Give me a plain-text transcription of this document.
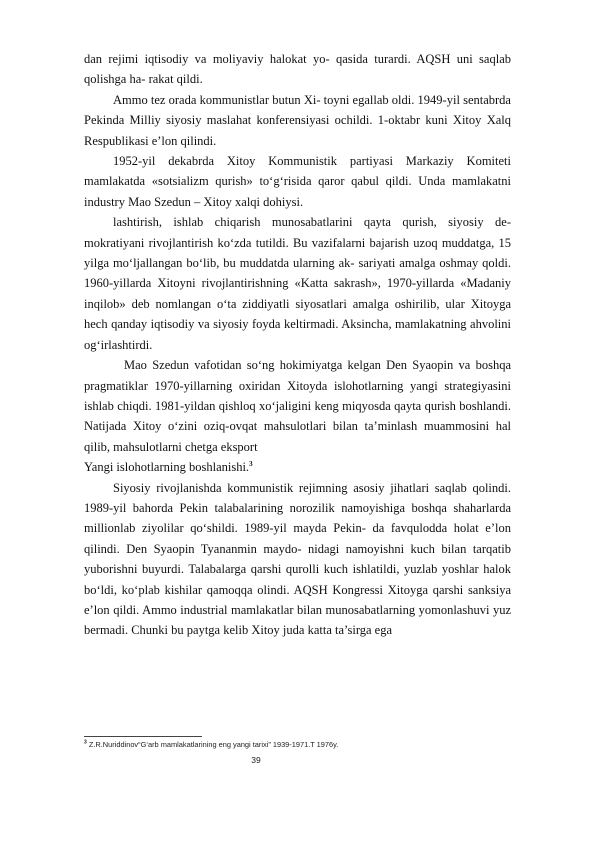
dan rejimi iqtisodiy va moliyaviy halokat yo- qasida turardi. AQSH uni saqlab qolishga ha- rakat qildi.

Ammo tez orada kommunistlar butun Xi- toyni egallab oldi. 1949-yil sentabrda Pekinda Milliy siyosiy maslahat konferensiyasi ochildi. 1-oktabr kuni Xitoy Xalq Respublikasi e’lon qilindi.

1952-yil dekabrda Xitoy Kommunistik partiyasi Markaziy Komiteti mamlakatda «sotsializm qurish» to‘g‘risida qaror qabul qildi. Unda mamlakatni industry Mao Szedun – Xitoy xalqi dohiysi.

lashtirish, ishlab chiqarish munosabatlarini qayta qurish, siyosiy de- mokratiyani rivojlantirish ko‘zda tutildi. Bu vazifalarni bajarish uzoq muddatga, 15 yilga mo‘ljallangan bo‘lib, bu muddatda ularning ak- sariyati amalga oshmay qoldi. 1960-yillarda Xitoyni rivojlantirishning «Katta sakrash», 1970-yillarda «Madaniy inqilob» deb nomlangan o‘ta ziddiyatli siyosatlari amalga oshirilib, ular Xitoyga hech qanday iqtisodiy va siyosiy foyda keltirmadi. Aksincha, mamlakatning ahvolini og‘irlashtirdi.

Mao Szedun vafotidan so‘ng hokimiyatga kelgan Den Syaopin va boshqa pragmatiklar 1970-yillarning oxiridan Xitoyda islohotlarning yangi strategiyasini ishlab chiqdi. 1981-yildan qishloq xo‘jaligini keng miqyosda qayta qurish boshlandi. Natijada Xitoy o‘zini oziq-ovqat mahsulotlari bilan ta’minlash muammosini hal qilib, mahsulotlarni chetga eksport

Yangi islohotlarning boshlanishi.$^3$

Siyosiy rivojlanishda kommunistik rejimning asosiy jihatlari saqlab qolindi. 1989-yil bahorda Pekin talabalarining norozilik namoyishiga boshqa shaharlarda millionlab ziyolilar qo‘shildi. 1989-yil mayda Pekin- da favqulodda holat e’lon qilindi. Den Syaopin Tyananmin maydo- nidagi namoyishni kuch bilan tarqatib yuborishni buyurdi. Talabalarga qarshi qurolli kuch ishlatildi, yuzlab yoshlar halok bo‘ldi, ko‘plab kishilar qamoqqa olindi. AQSH Kongressi Xitoyga qarshi sanksiya e’lon qildi. Ammo industrial mamlakatlar bilan munosabatlarning yomonlashuvi yuz bermadi. Chunki bu paytga kelib Xitoy juda katta ta’sirga ega

$^3$ Z.R.Nuriddinov“G‘arb mamlakatlarining eng yangi tarixi” 1939-1971.T 1976y.
39
